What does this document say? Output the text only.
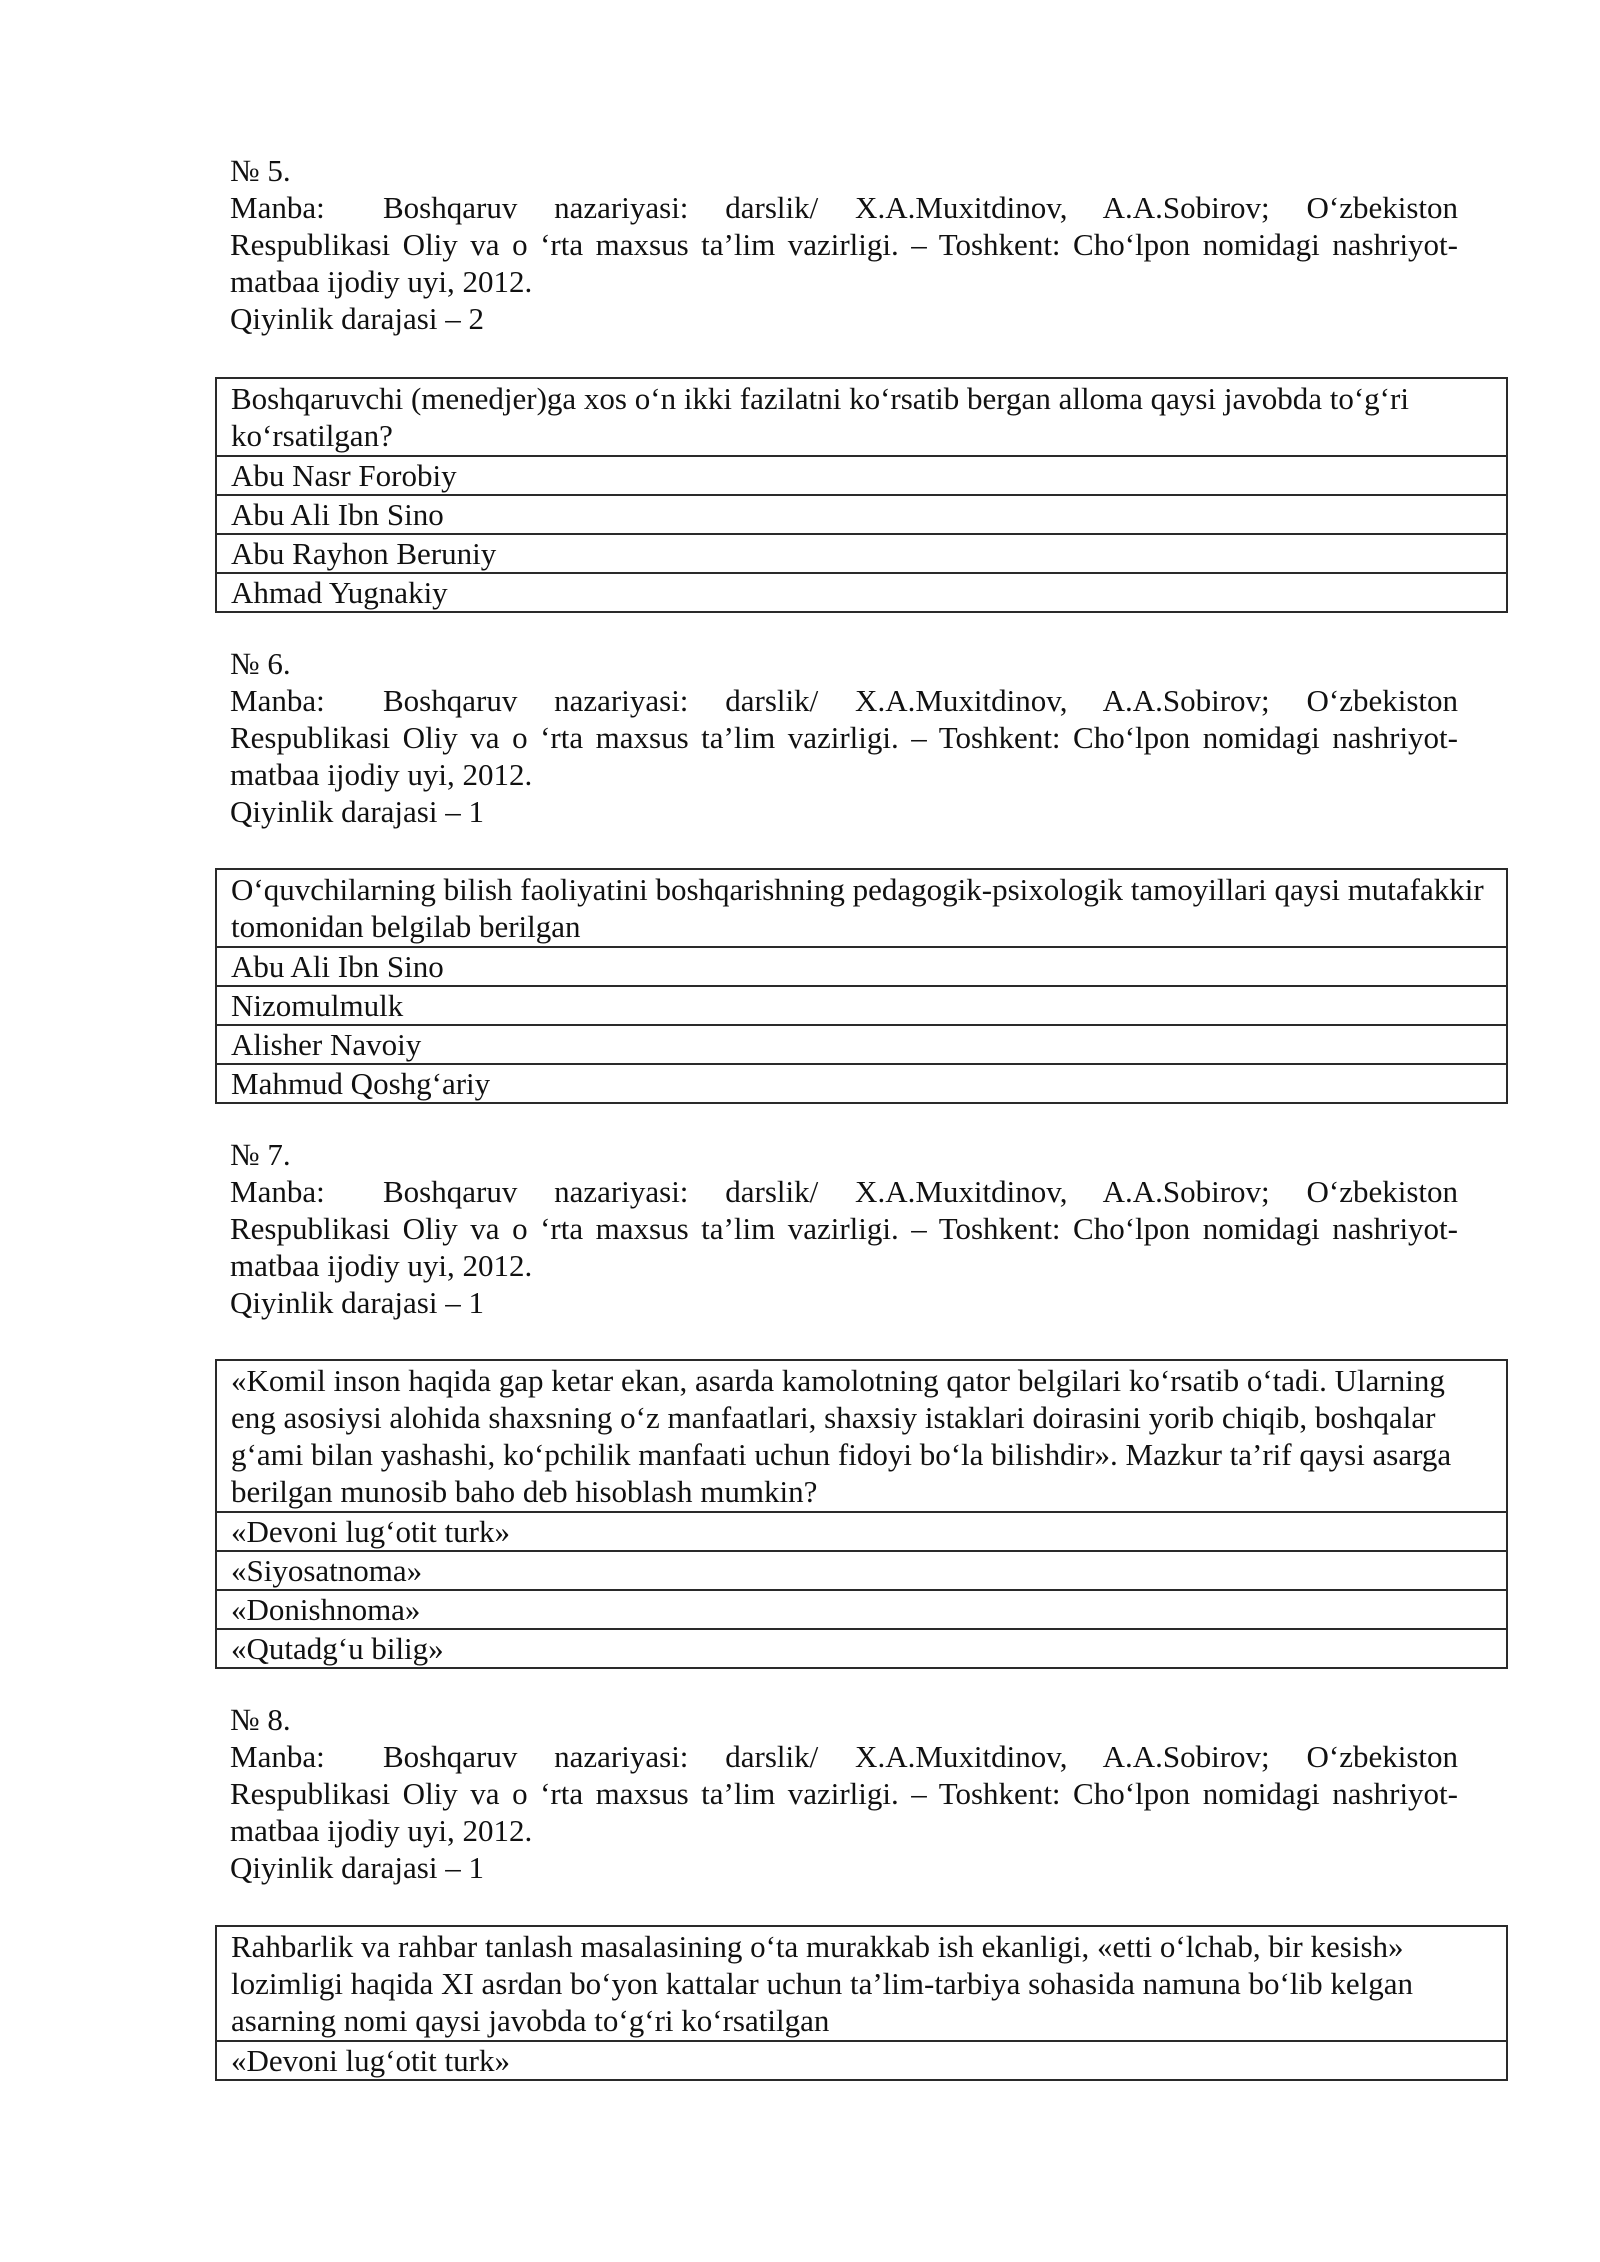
№ 5.
Manba: Boshqaruv nazariyasi: darslik/ X.A.Muxitdinov, A.A.Sobirov; O‘zbekiston Respublikasi Oliy va o ‘rta maxsus ta’lim vazirligi. – Toshkent: Cho‘lpon nomidagi nashriyot-matbaa ijodiy uyi, 2012.
Qiyinlik darajasi – 2
Boshqaruvchi (menedjer)ga xos o‘n ikki fazilatni ko‘rsatib bergan alloma qaysi javobda to‘g‘ri ko‘rsatilgan?
Abu Nasr Forobiy
Abu Ali Ibn Sino
Abu Rayhon Beruniy
Ahmad Yugnakiy
№ 6.
Manba: Boshqaruv nazariyasi: darslik/ X.A.Muxitdinov, A.A.Sobirov; O‘zbekiston Respublikasi Oliy va o ‘rta maxsus ta’lim vazirligi. – Toshkent: Cho‘lpon nomidagi nashriyot-matbaa ijodiy uyi, 2012.
Qiyinlik darajasi – 1
O‘quvchilarning bilish faoliyatini boshqarishning pedagogik-psixologik tamoyillari qaysi mutafakkir tomonidan belgilab berilgan
Abu Ali Ibn Sino
Nizomulmulk
Alisher Navoiy
Mahmud Qoshg‘ariy
№ 7.
Manba: Boshqaruv nazariyasi: darslik/ X.A.Muxitdinov, A.A.Sobirov; O‘zbekiston Respublikasi Oliy va o ‘rta maxsus ta’lim vazirligi. – Toshkent: Cho‘lpon nomidagi nashriyot-matbaa ijodiy uyi, 2012.
Qiyinlik darajasi – 1
«Komil inson haqida gap ketar ekan, asarda kamolotning qator belgilari ko‘rsatib o‘tadi. Ularning eng asosiysi alohida shaxsning o‘z manfaatlari, shaxsiy istaklari doirasini yorib chiqib, boshqalar g‘ami bilan yashashi, ko‘pchilik manfaati uchun fidoyi bo‘la bilishdir». Mazkur ta’rif qaysi asarga berilgan munosib baho deb hisoblash mumkin?
«Devoni lug‘otit turk»
«Siyosatnoma»
«Donishnoma»
«Qutadg‘u bilig»
№ 8.
Manba: Boshqaruv nazariyasi: darslik/ X.A.Muxitdinov, A.A.Sobirov; O‘zbekiston Respublikasi Oliy va o ‘rta maxsus ta’lim vazirligi. – Toshkent: Cho‘lpon nomidagi nashriyot-matbaa ijodiy uyi, 2012.
Qiyinlik darajasi – 1
Rahbarlik va rahbar tanlash masalasining o‘ta murakkab ish ekanligi, «etti o‘lchab, bir kesish» lozimligi haqida XI asrdan bo‘yon kattalar uchun ta’lim-tarbiya sohasida namuna bo‘lib kelgan asarning nomi qaysi javobda to‘g‘ri ko‘rsatilgan
«Devoni lug‘otit turk»
